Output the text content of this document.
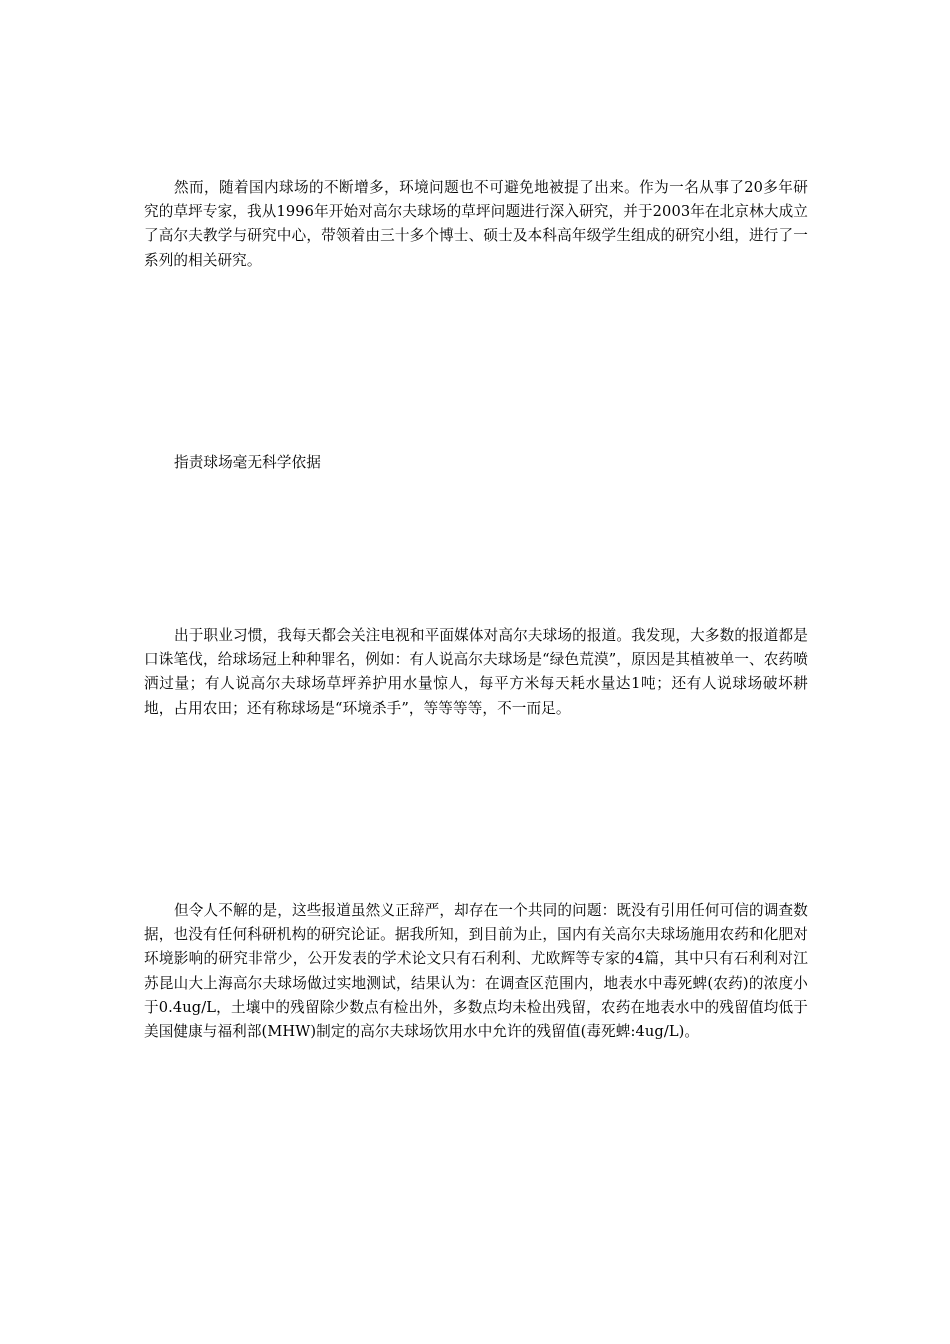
然而，随着国内球场的不断增多，环境问题也不可避免地被提了出来。作为一名从事了20多年研究的草坪专家，我从1996年开始对高尔夫球场的草坪问题进行深入研究，并于2003年在北京林大成立了高尔夫教学与研究中心，带领着由三十多个博士、硕士及本科高年级学生组成的研究小组，进行了一系列的相关研究。

指责球场毫无科学依据

出于职业习惯，我每天都会关注电视和平面媒体对高尔夫球场的报道。我发现，大多数的报道都是口诛笔伐，给球场冠上种种罪名，例如：有人说高尔夫球场是“绿色荒漠”，原因是其植被单一、农药喷洒过量；有人说高尔夫球场草坪养护用水量惊人，每平方米每天耗水量达1吨；还有人说球场破坏耕地，占用农田；还有称球场是“环境杀手”，等等等等，不一而足。

但令人不解的是，这些报道虽然义正辞严，却存在一个共同的问题：既没有引用任何可信的调查数据，也没有任何科研机构的研究论证。据我所知，到目前为止，国内有关高尔夫球场施用农药和化肥对环境影响的研究非常少，公开发表的学术论文只有石利利、尤欧辉等专家的4篇，其中只有石利利对江苏昆山大上海高尔夫球场做过实地测试，结果认为：在调查区范围内，地表水中毒死蜱(农药)的浓度小于0.4ug/L，土壤中的残留除少数点有检出外，多数点均未检出残留，农药在地表水中的残留值均低于美国健康与福利部(MHW)制定的高尔夫球场饮用水中允许的残留值(毒死蜱:4ug/L)。
